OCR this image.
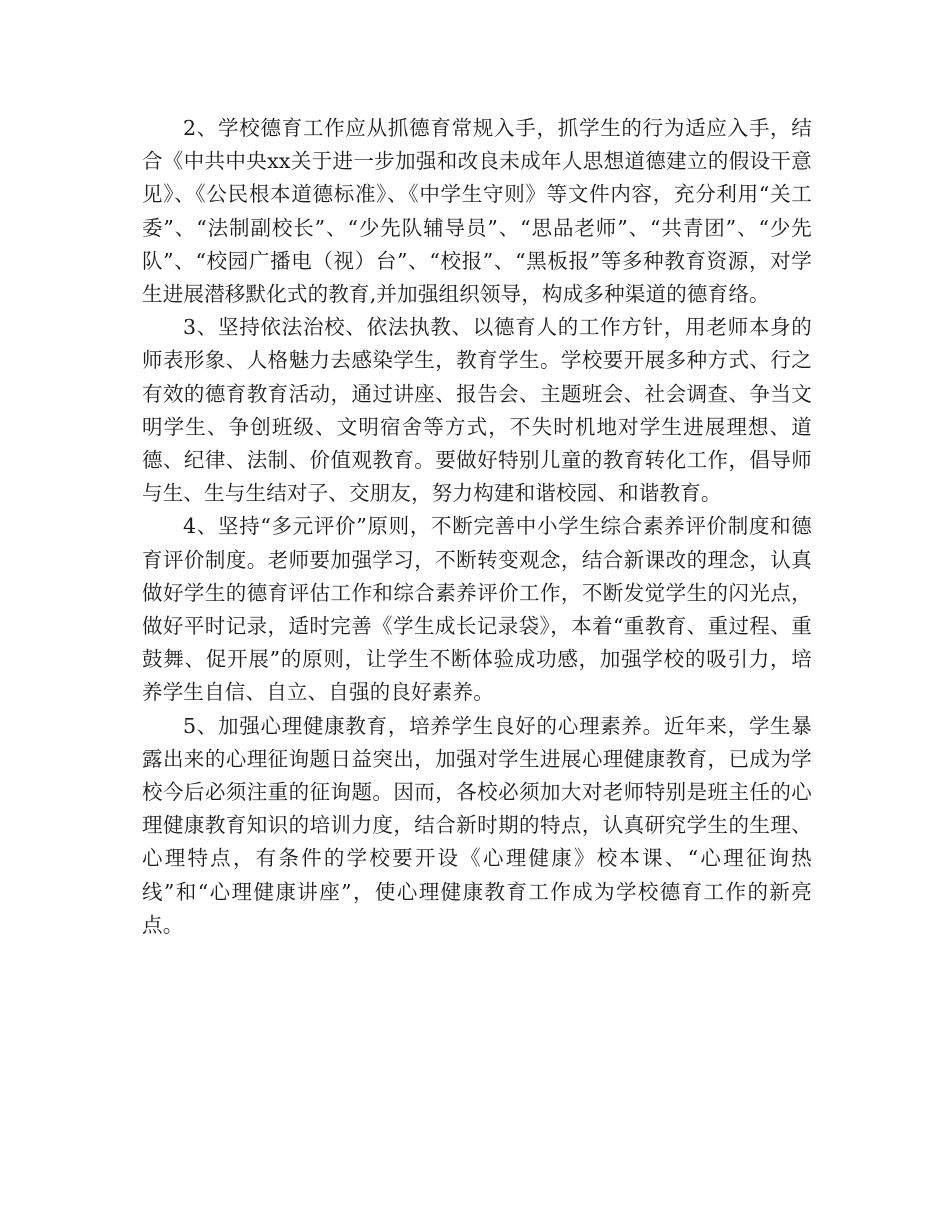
2、学校德育工作应从抓德育常规入手，抓学生的行为适应入手，结合《中共中央xx关于进一步加强和改良未成年人思想道德建立的假设干意见》、《公民根本道德标准》、《中学生守则》等文件内容，充分利用“关工委”、“法制副校长”、“少先队辅导员”、“思品老师”、“共青团”、“少先队”、“校园广播电（视）台”、“校报”、“黑板报”等多种教育资源，对学生进展潜移默化式的教育,并加强组织领导，构成多种渠道的德育络。

3、坚持依法治校、依法执教、以德育人的工作方针，用老师本身的师表形象、人格魅力去感染学生，教育学生。学校要开展多种方式、行之有效的德育教育活动，通过讲座、报告会、主题班会、社会调查、争当文明学生、争创班级、文明宿舍等方式，不失时机地对学生进展理想、道德、纪律、法制、价值观教育。要做好特别儿童的教育转化工作，倡导师与生、生与生结对子、交朋友，努力构建和谐校园、和谐教育。

4、坚持“多元评价”原则，不断完善中小学生综合素养评价制度和德育评价制度。老师要加强学习，不断转变观念，结合新课改的理念，认真做好学生的德育评估工作和综合素养评价工作，不断发觉学生的闪光点，做好平时记录，适时完善《学生成长记录袋》，本着“重教育、重过程、重鼓舞、促开展”的原则，让学生不断体验成功感，加强学校的吸引力，培养学生自信、自立、自强的良好素养。

5、加强心理健康教育，培养学生良好的心理素养。近年来，学生暴露出来的心理征询题日益突出，加强对学生进展心理健康教育，已成为学校今后必须注重的征询题。因而，各校必须加大对老师特别是班主任的心理健康教育知识的培训力度，结合新时期的特点，认真研究学生的生理、心理特点，有条件的学校要开设《心理健康》校本课、“心理征询热线”和“心理健康讲座”，使心理健康教育工作成为学校德育工作的新亮点。
